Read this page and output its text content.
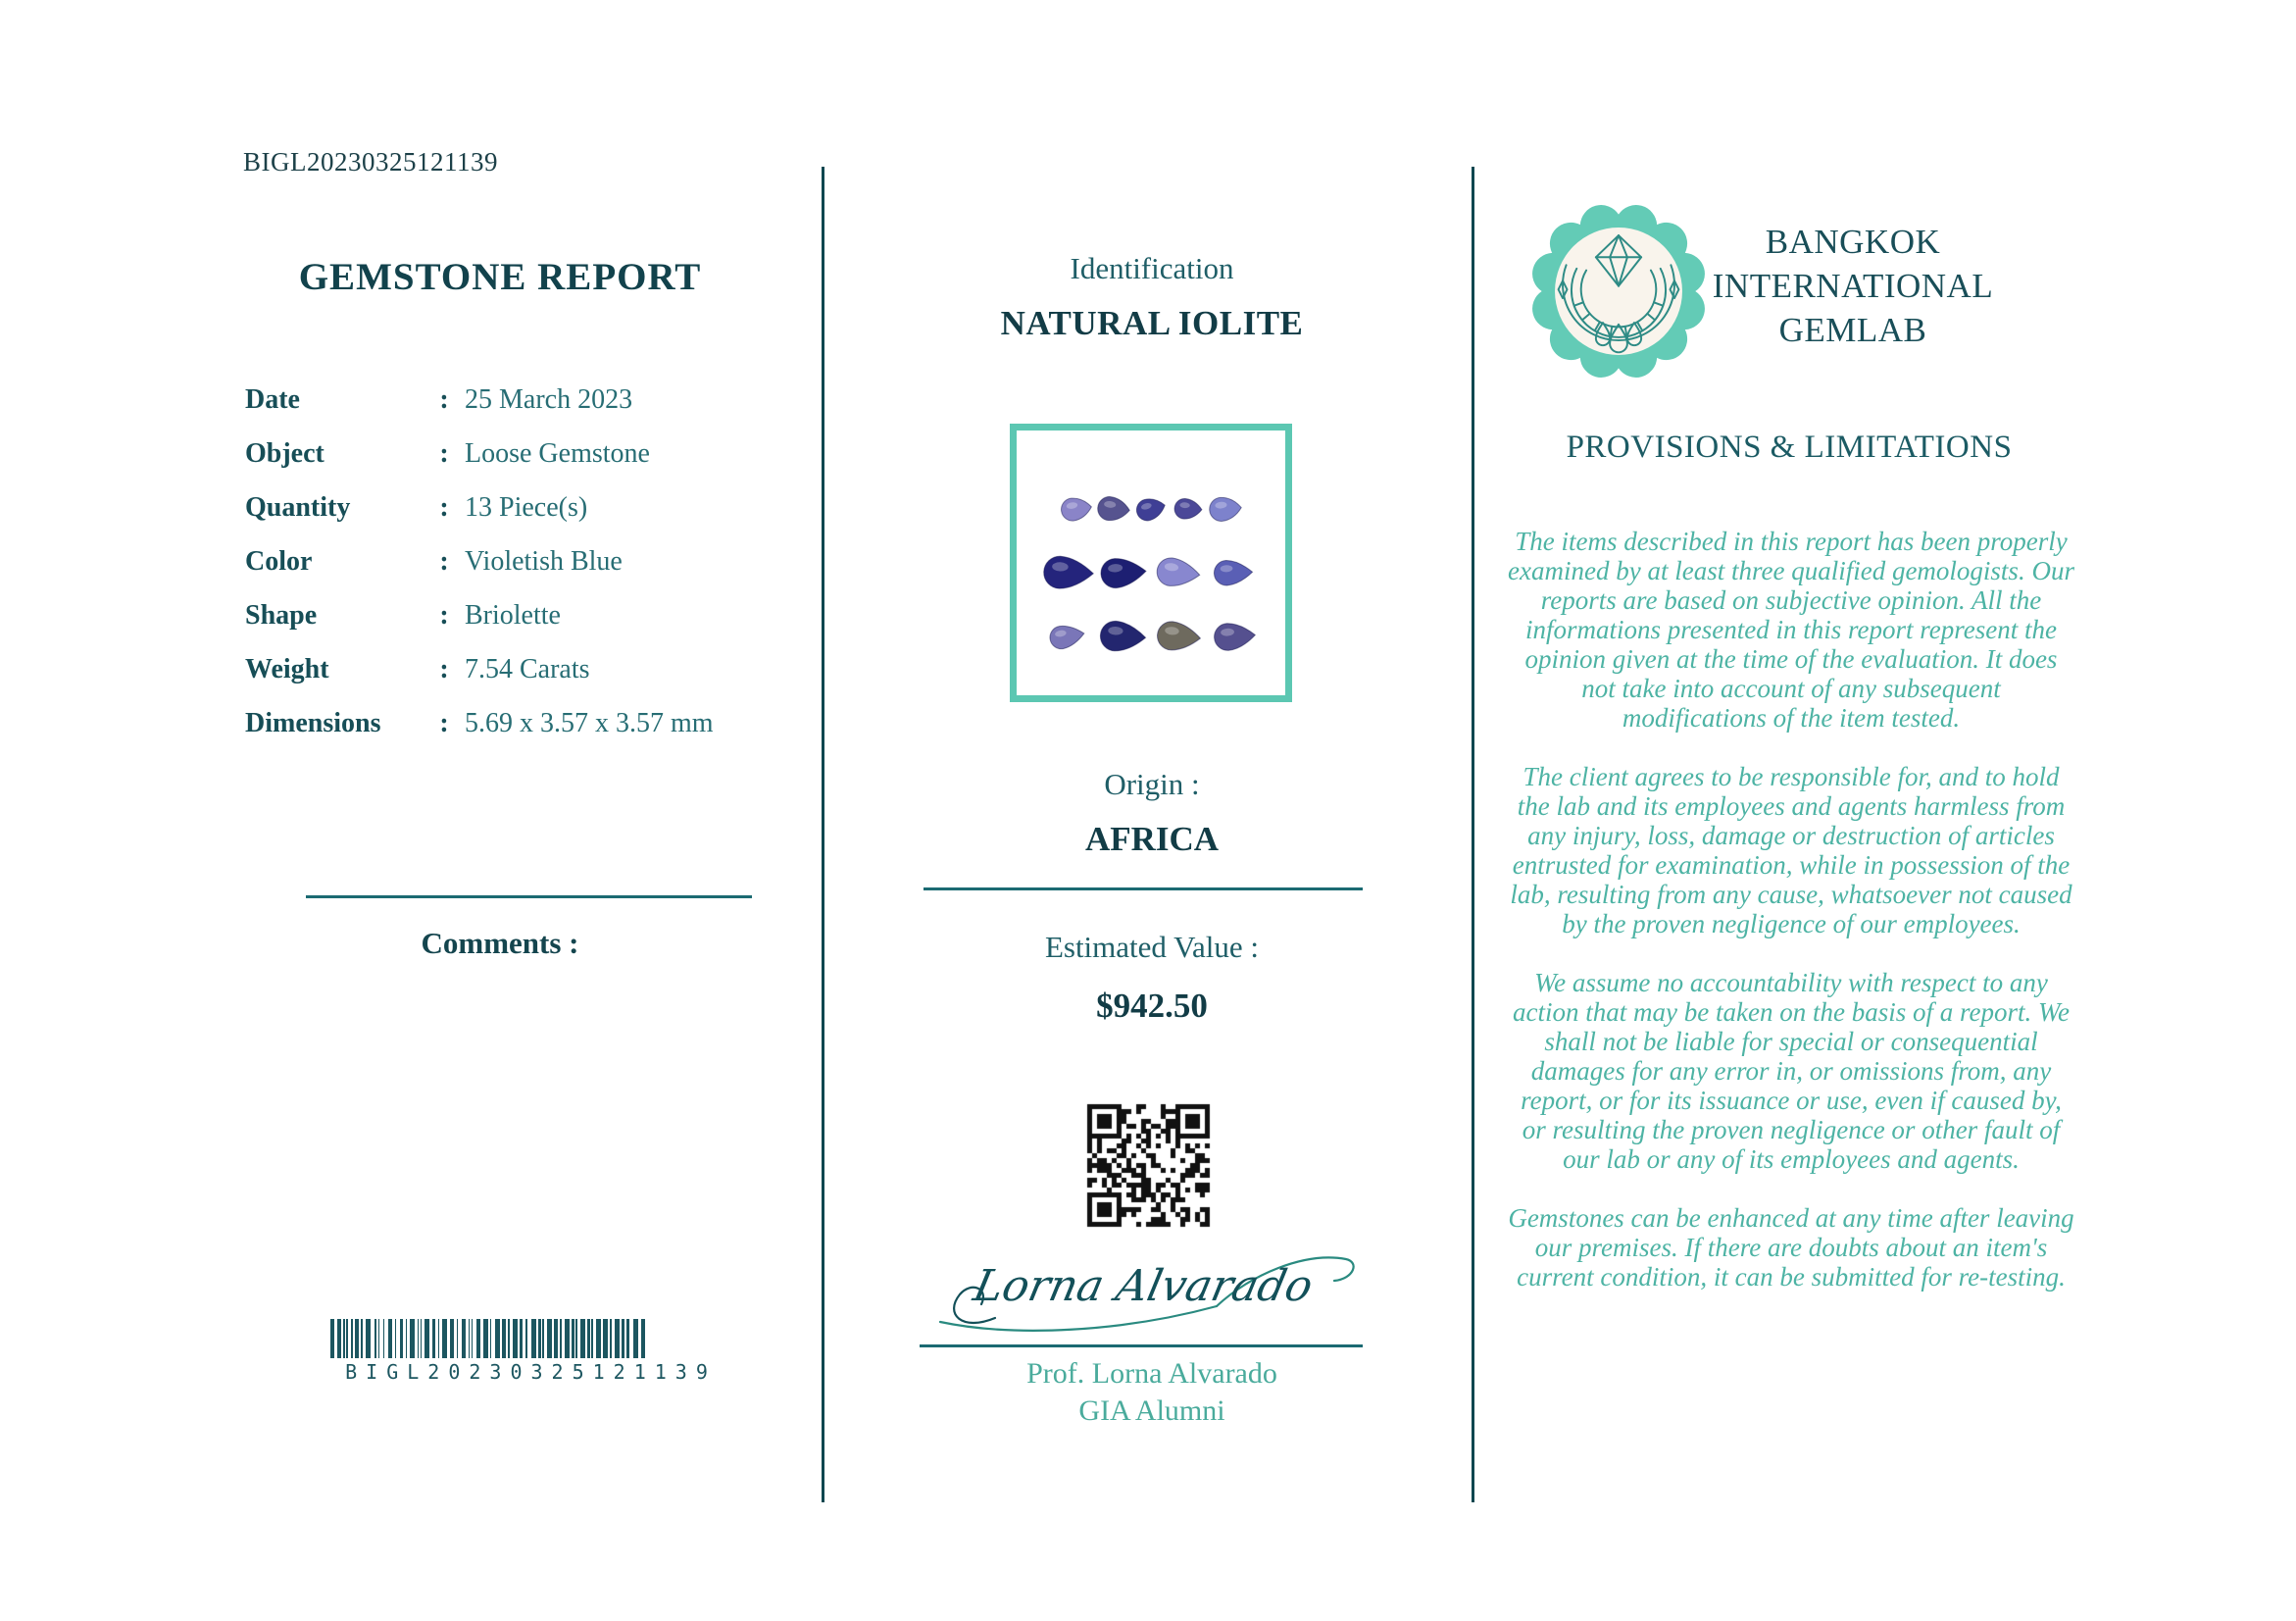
BIGL20230325121139
GEMSTONE REPORT
Date	: 25 March 2023
Object	: Loose Gemstone
Quantity	: 13 Piece(s)
Color	: Violetish Blue
Shape	: Briolette
Weight	: 7.54 Carats
Dimensions	: 5.69 x 3.57 x 3.57 mm
Comments :
BIGL20230325121139
Identification
NATURAL IOLITE
Origin :
AFRICA
Estimated Value :
$942.50
Lorna Alvarado
Prof. Lorna Alvarado
GIA Alumni
BANGKOK
INTERNATIONAL
GEMLAB
PROVISIONS & LIMITATIONS

The items described in this report has been properly examined by at least three qualified gemologists. Our reports are based on subjective opinion. All the informations presented in this report represent the opinion given at the time of the evaluation. It does not take into account of any subsequent modifications of the item tested.

The client agrees to be responsible for, and to hold the lab and its employees and agents harmless from any injury, loss, damage or destruction of articles entrusted for examination, while in possession of the lab, resulting from any cause, whatsoever not caused by the proven negligence of our employees.

We assume no accountability with respect to any action that may be taken on the basis of a report. We shall not be liable for special or consequential damages for any error in, or omissions from, any report, or for its issuance or use, even if caused by, or resulting the proven negligence or other fault of our lab or any of its employees and agents.

Gemstones can be enhanced at any time after leaving our premises. If there are doubts about an item's current condition, it can be submitted for re-testing.
